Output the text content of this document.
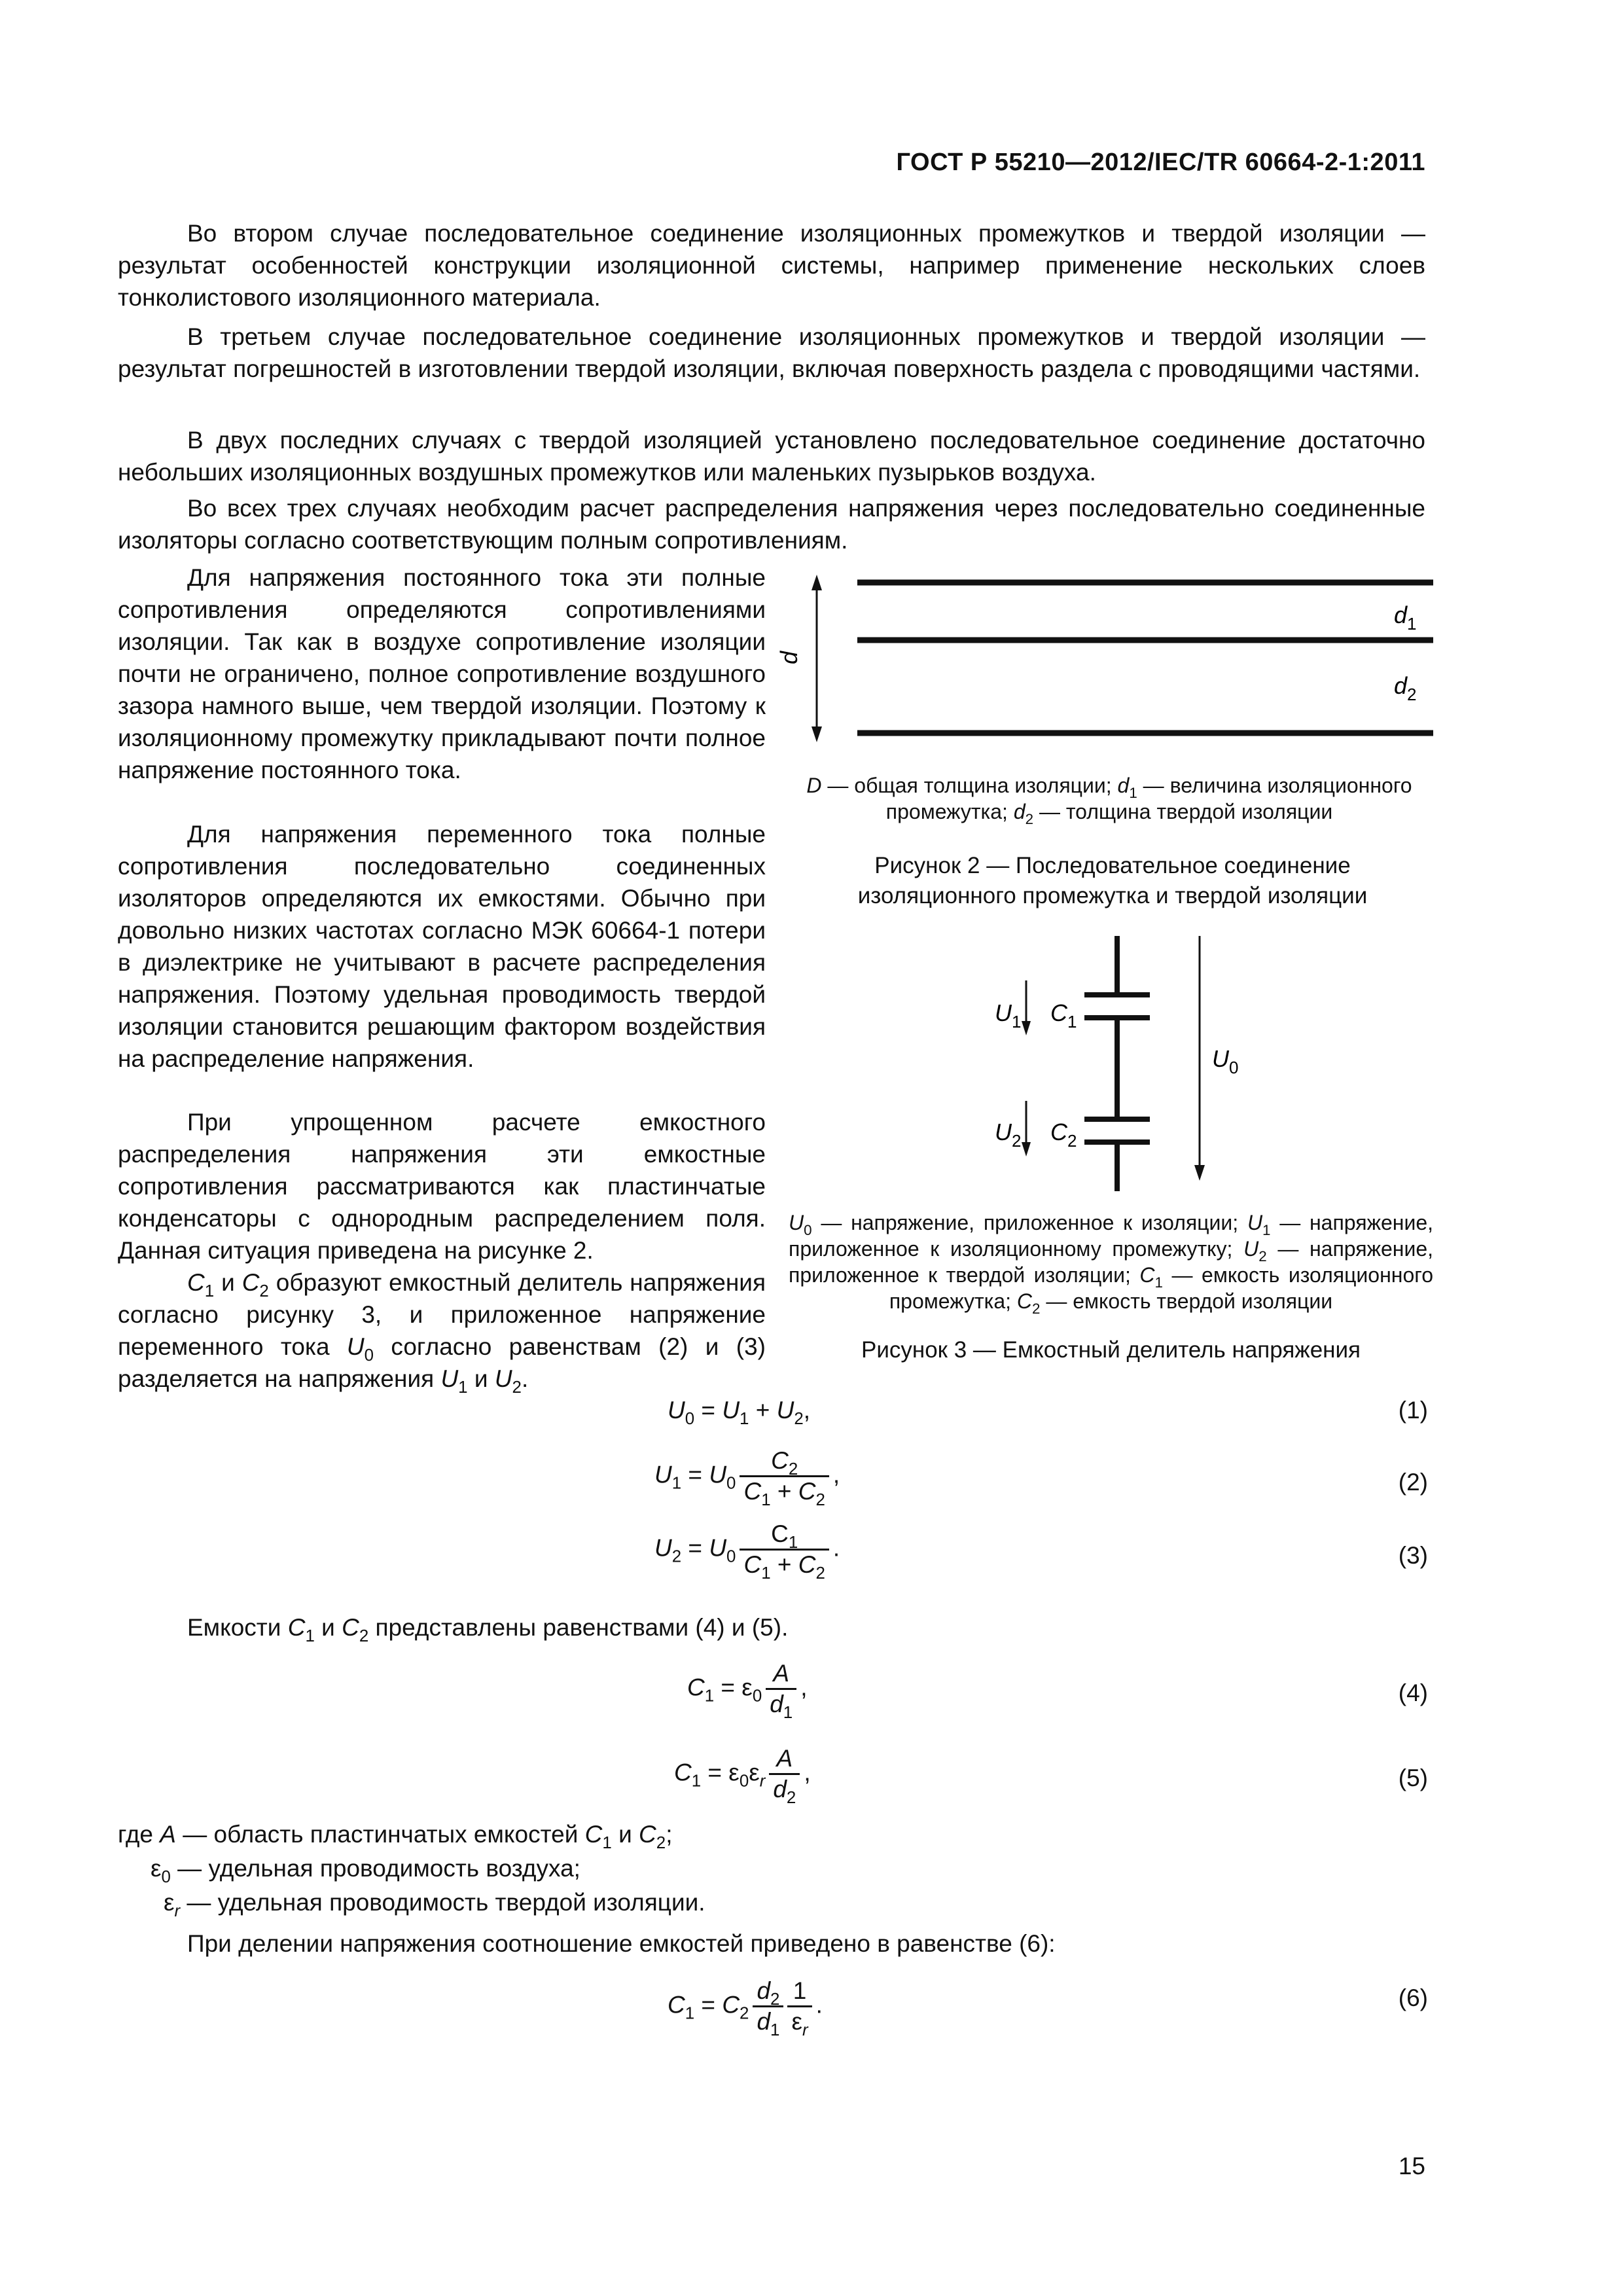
ГОСТ Р 55210—2012/IEC/TR 60664-2-1:2011

Во втором случае последовательное соединение изоляционных промежутков и твердой изоляции — результат особенностей конструкции изоляционной системы, например применение нескольких слоев тонколистового изоляционного материала.

В третьем случае последовательное соединение изоляционных промежутков и твердой изоляции — результат погрешностей в изготовлении твердой изоляции, включая поверхность раздела с проводящими частями.

В двух последних случаях с твердой изоляцией установлено последовательное соединение достаточно небольших изоляционных воздушных промежутков или маленьких пузырьков воздуха.

Во всех трех случаях необходим расчет распределения напряжения через последовательно соединенные изоляторы согласно соответствующим полным сопротивлениям.

Для напряжения постоянного тока эти полные сопротивления определяются сопротивлениями изоляции. Так как в воздухе сопротивление изоляции почти не ограничено, полное сопротивление воздушного зазора намного выше, чем твердой изоляции. Поэтому к изоляционному промежутку прикладывают почти полное напряжение постоянного тока.

Для напряжения переменного тока полные сопротивления последовательно соединенных изоляторов определяются их емкостями. Обычно при довольно низких частотах согласно МЭК 60664-1 потери в диэлектрике не учитывают в расчете распределения напряжения. Поэтому удельная проводимость твердой изоляции становится решающим фактором воздействия на распределение напряжения.

При упрощенном расчете емкостного распределения напряжения эти емкостные сопротивления рассматриваются как пластинчатые конденсаторы с однородным распределением поля. Данная ситуация приведена на рисунке 2.

$C_1$ и $C_2$ образуют емкостный делитель напряжения согласно рисунку 3, и приложенное напряжение переменного тока $U_0$ согласно равенствам (2) и (3) разделяется на напряжения $U_1$ и $U_2$.

d
$d_1$
$d_2$
D — общая толщина изоляции; $d_1$ — величина изоляционного промежутка; $d_2$ — толщина твердой изоляции
Рисунок 2 — Последовательное соединение изоляционного промежутка и твердой изоляции
$U_1$ $C_1$
$U_2$ $C_2$
$U_0$
$U_0$ — напряжение, приложенное к изоляции; $U_1$ — напряжение, приложенное к изоляционному промежутку; $U_2$ — напряжение, приложенное к твердой изоляции; $C_1$ — емкость изоляционного промежутка; $C_2$ — емкость твердой изоляции
Рисунок 3 — Емкостный делитель напряжения
$U_0 = U_1 + U_2$,	(1)
$U_1 = U_0 \frac{C_2}{C_1 + C_2}$ ,	(2)
$U_2 = U_0 \frac{C_1}{C_1 + C_2}$ .	(3)
Емкости $C_1$ и $C_2$ представлены равенствами (4) и (5).
$C_1 = \varepsilon_0 \frac{A}{d_1}$ ,	(4)
$C_1 = \varepsilon_0\varepsilon_r \frac{A}{d_2}$ ,	(5)
где A — область пластинчатых емкостей $C_1$ и $C_2$;
$\varepsilon_0$ — удельная проводимость воздуха;
$\varepsilon_r$ — удельная проводимость твердой изоляции.
При делении напряжения соотношение емкостей приведено в равенстве (6):
$C_1 = C_2 \frac{d_2}{d_1} \frac{1}{\varepsilon_r}$ .	(6)
15
